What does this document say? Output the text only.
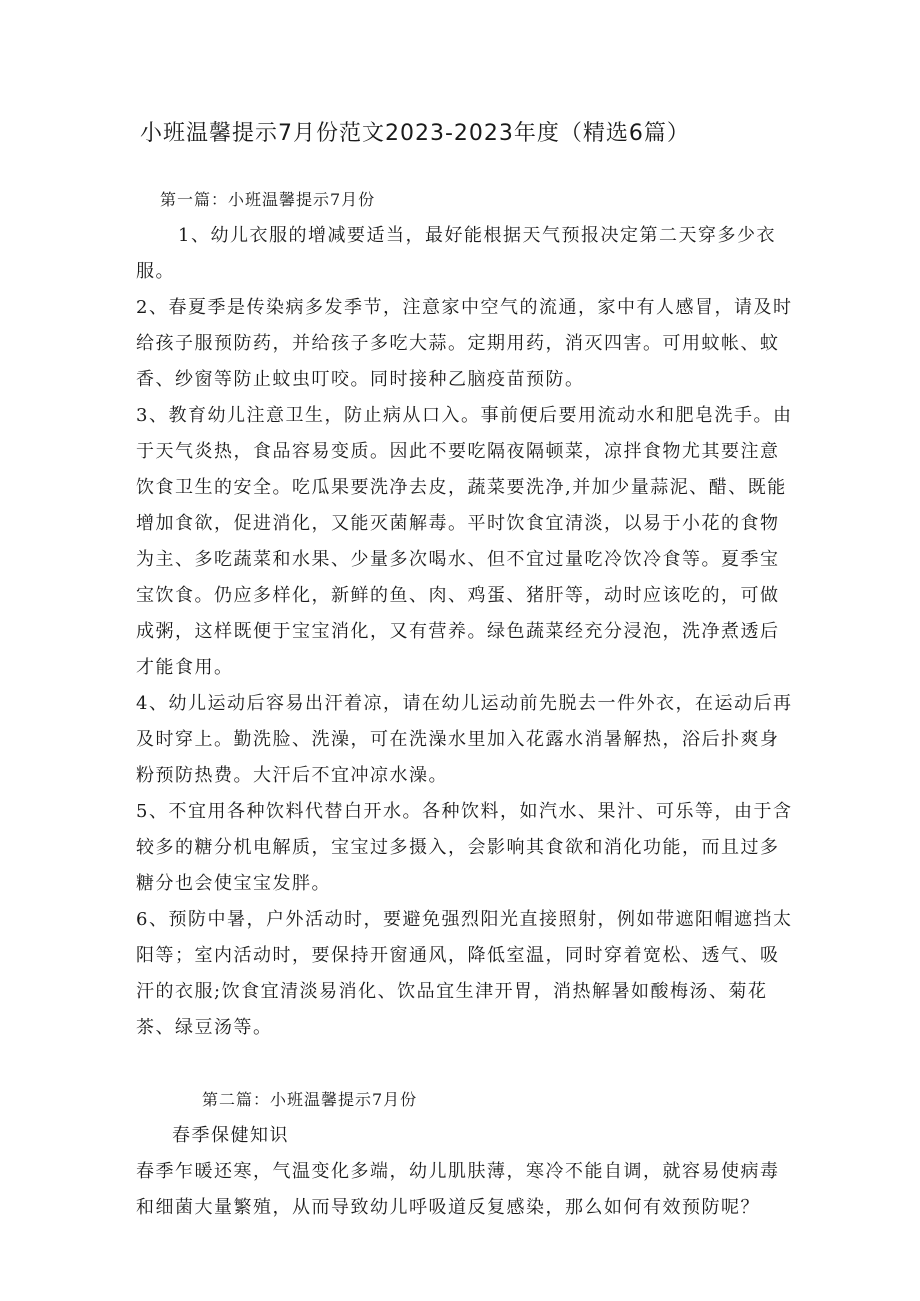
小班温馨提示7月份范文2023-2023年度（精选6篇）

第一篇：小班温馨提示7月份

1、幼儿衣服的增减要适当，最好能根据天气预报决定第二天穿多少衣服。

2、春夏季是传染病多发季节，注意家中空气的流通，家中有人感冒，请及时给孩子服预防药，并给孩子多吃大蒜。定期用药，消灭四害。可用蚊帐、蚊香、纱窗等防止蚊虫叮咬。同时接种乙脑疫苗预防。

3、教育幼儿注意卫生，防止病从口入。事前便后要用流动水和肥皂洗手。由于天气炎热，食品容易变质。因此不要吃隔夜隔顿菜，凉拌食物尤其要注意饮食卫生的安全。吃瓜果要洗净去皮，蔬菜要洗净,并加少量蒜泥、醋、既能增加食欲，促进消化，又能灭菌解毒。平时饮食宜清淡，以易于小花的食物为主、多吃蔬菜和水果、少量多次喝水、但不宜过量吃冷饮冷食等。夏季宝宝饮食。仍应多样化，新鲜的鱼、肉、鸡蛋、猪肝等，动时应该吃的，可做成粥，这样既便于宝宝消化，又有营养。绿色蔬菜经充分浸泡，洗净煮透后才能食用。

4、幼儿运动后容易出汗着凉，请在幼儿运动前先脱去一件外衣，在运动后再及时穿上。勤洗脸、洗澡，可在洗澡水里加入花露水消暑解热，浴后扑爽身粉预防热费。大汗后不宜冲凉水澡。

5、不宜用各种饮料代替白开水。各种饮料，如汽水、果汁、可乐等，由于含较多的糖分机电解质，宝宝过多摄入，会影响其食欲和消化功能，而且过多糖分也会使宝宝发胖。

6、预防中暑，户外活动时，要避免强烈阳光直接照射，例如带遮阳帽遮挡太阳等；室内活动时，要保持开窗通风，降低室温，同时穿着宽松、透气、吸汗的衣服;饮食宜清淡易消化、饮品宜生津开胃，消热解暑如酸梅汤、菊花茶、绿豆汤等。

第二篇：小班温馨提示7月份

春季保健知识

春季乍暖还寒，气温变化多端，幼儿肌肤薄，寒冷不能自调，就容易使病毒和细菌大量繁殖，从而导致幼儿呼吸道反复感染，那么如何有效预防呢？
